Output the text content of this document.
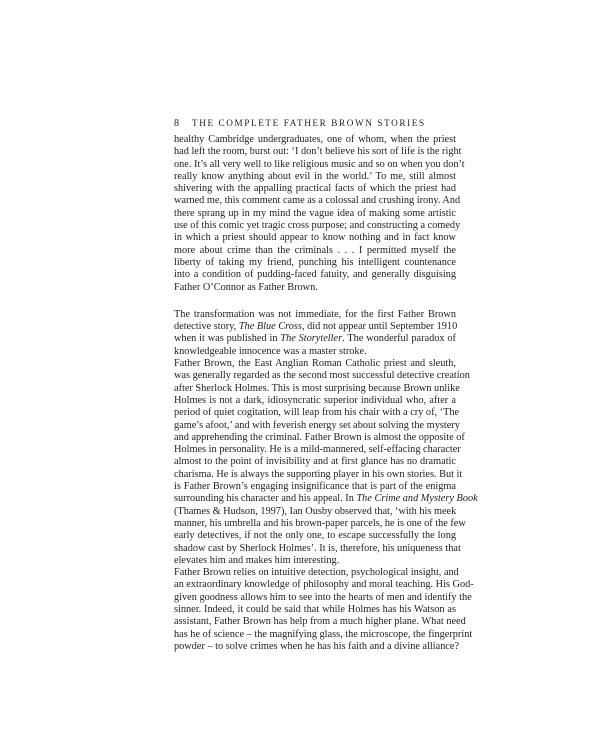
8 THE COMPLETE FATHER BROWN STORIES
healthy Cambridge undergraduates, one of whom, when the priest
had left the room, burst out: ‘I don’t believe his sort of life is the right
one. It’s all very well to like religious music and so on when you don’t
really know anything about evil in the world.’ To me, still almost
shivering with the appalling practical facts of which the priest had
warned me, this comment came as a colossal and crushing irony. And
there sprang up in my mind the vague idea of making some artistic
use of this comic yet tragic cross purpose; and constructing a comedy
in which a priest should appear to know nothing and in fact know
more about crime than the criminals . . . I permitted myself the
liberty of taking my friend, punching his intelligent countenance
into a condition of pudding-faced fatuity, and generally disguising
Father O’Connor as Father Brown.
The transformation was not immediate, for the first Father Brown
detective story, The Blue Cross, did not appear until September 1910
when it was published in The Storyteller. The wonderful paradox of
knowledgeable innocence was a master stroke.
Father Brown, the East Anglian Roman Catholic priest and sleuth,
was generally regarded as the second most successful detective creation
after Sherlock Holmes. This is most surprising because Brown unlike
Holmes is not a dark, idiosyncratic superior individual who, after a
period of quiet cogitation, will leap from his chair with a cry of, ‘The
game’s afoot,’ and with feverish energy set about solving the mystery
and apprehending the criminal. Father Brown is almost the opposite of
Holmes in personality. He is a mild-mannered, self-effacing character
almost to the point of invisibility and at first glance has no dramatic
charisma. He is always the supporting player in his own stories. But it
is Father Brown’s engaging insignificance that is part of the enigma
surrounding his character and his appeal. In The Crime and Mystery Book
(Thames & Hudson, 1997), Ian Ousby observed that, ‘with his meek
manner, his umbrella and his brown-paper parcels, he is one of the few
early detectives, if not the only one, to escape successfully the long
shadow cast by Sherlock Holmes’. It is, therefore, his uniqueness that
elevates him and makes him interesting.
Father Brown relies on intuitive detection, psychological insight, and
an extraordinary knowledge of philosophy and moral teaching. His God-
given goodness allows him to see into the hearts of men and identify the
sinner. Indeed, it could be said that while Holmes has his Watson as
assistant, Father Brown has help from a much higher plane. What need
has he of science – the magnifying glass, the microscope, the fingerprint
powder – to solve crimes when he has his faith and a divine alliance?
